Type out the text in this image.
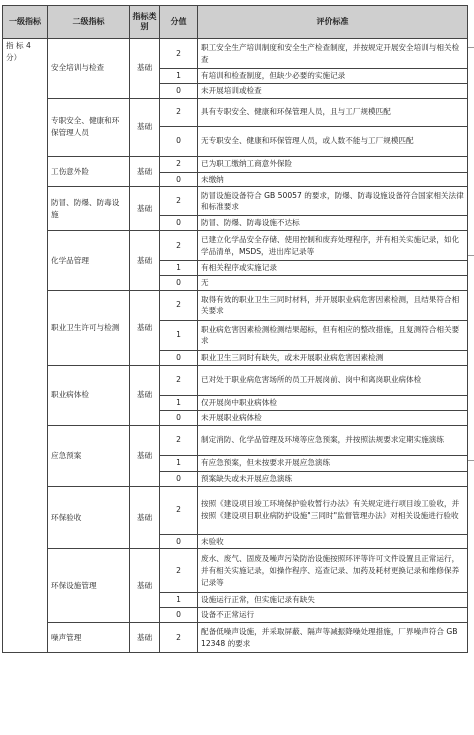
一级指标	二级指标	指标类别	分值	评价标准
指 标 4 分）	安全培训与检查	基础	2	职工安全生产培训制度和安全生产检查制度，并按规定开展安全培训与相关检查
			1	有培训和检查制度，但缺少必要的实施记录
			0	未开展培训或检查
	专职安全、健康和环保管理人员	基础	2	具有专职安全、健康和环保管理人员，且与工厂规模匹配
			0	无专职安全、健康和环保管理人员，或人数不能与工厂规模匹配
	工伤意外险	基础	2	已为职工缴纳工商意外保险
			0	未缴纳
	防冒、防爆、防毒设施	基础	2	防冒设施设备符合 GB 50057 的要求，防爆、防毒设施设备符合国家相关法律和标准要求
			0	防冒、防爆、防毒设施不达标
	化学品管理	基础	2	已建立化学品安全存储、使用控制和废弃处理程序，并有相关实施记录，如化学品清单，MSDS，进出库记录等
			1	有相关程序或实施记录
			0	无
	职业卫生许可与检测	基础	2	取得有效的职业卫生三同时材料，并开展职业病危害因素检测，且结果符合相关要求
			1	职业病危害因素检测检测结果超标，但有相应的整改措施，且复测符合相关要求
			0	职业卫生三同时有缺失，或未开展职业病危害因素检测
	职业病体检	基础	2	已对处于职业病危害场所的员工开展岗前、岗中和离岗职业病体检
			1	仅开展岗中职业病体检
			0	未开展职业病体检
	应急预案	基础	2	制定消防、化学品管理及环境等应急预案，并按照法规要求定期实施演练
			1	有应急预案，但未按要求开展应急演练
			0	预案缺失或未开展应急演练
	环保验收	基础	2	按照《建设项目竣工环境保护验收暂行办法》有关规定进行项目竣工验收，并按照《建设项目职业病防护设施"三同时"监督管理办法》对相关设施进行验收
			0	未验收
	环保设施管理	基础	2	废水、废气、固废及噪声污染防治设施按照环评等许可文件设置且正常运行，并有相关实施记录，如操作程序、巡查记录、加药及耗材更换记录和维修保养记录等
			1	设施运行正常，但实施记录有缺失
			0	设备不正常运行
	噪声管理	基础	2	配备低噪声设施，并采取屏蔽、隔声等减振降噪处理措施，厂界噪声符合 GB 12348 的要求
